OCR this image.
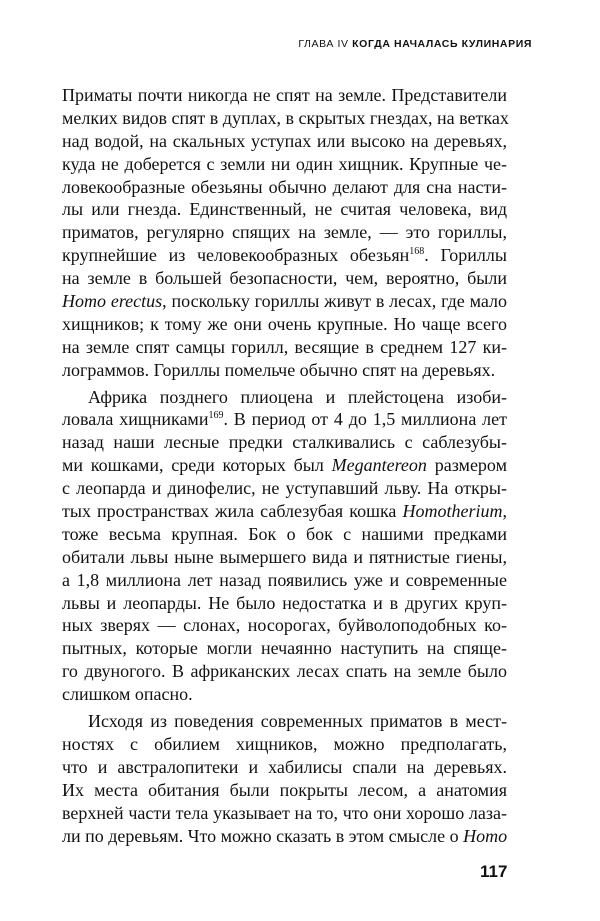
ГЛАВА IV КОГДА НАЧАЛАСЬ КУЛИНАРИЯ
Приматы почти никогда не спят на земле. Представители
мелких видов спят в дуплах, в скрытых гнездах, на ветках
над водой, на скальных уступах или высоко на деревьях,
куда не доберется с земли ни один хищник. Крупные че-
ловекообразные обезьяны обычно делают для сна насти-
лы или гнезда. Единственный, не считая человека, вид
приматов, регулярно спящих на земле, — это гориллы,
крупнейшие из человекообразных обезьян$^{168}$. Гориллы
на земле в большей безопасности, чем, вероятно, были
Homo erectus, поскольку гориллы живут в лесах, где мало
хищников; к тому же они очень крупные. Но чаще всего
на земле спят самцы горилл, весящие в среднем 127 ки-
лограммов. Гориллы помельче обычно спят на деревьях.
Африка позднего плиоцена и плейстоцена изоби-
ловала хищниками$^{169}$. В период от 4 до 1,5 миллиона лет
назад наши лесные предки сталкивались с саблезубы-
ми кошками, среди которых был Megantereon размером
с леопарда и динофелис, не уступавший льву. На откры-
тых пространствах жила саблезубая кошка Homotherium,
тоже весьма крупная. Бок о бок с нашими предками
обитали львы ныне вымершего вида и пятнистые гиены,
а 1,8 миллиона лет назад появились уже и современные
львы и леопарды. Не было недостатка и в других круп-
ных зверях — слонах, носорогах, буйволоподобных ко-
пытных, которые могли нечаянно наступить на спяще-
го двуногого. В африканских лесах спать на земле было
слишком опасно.
Исходя из поведения современных приматов в мест-
ностях с обилием хищников, можно предполагать,
что и австралопитеки и хабилисы спали на деревьях.
Их места обитания были покрыты лесом, а анатомия
верхней части тела указывает на то, что они хорошо лаза-
ли по деревьям. Что можно сказать в этом смысле о Homo
117
